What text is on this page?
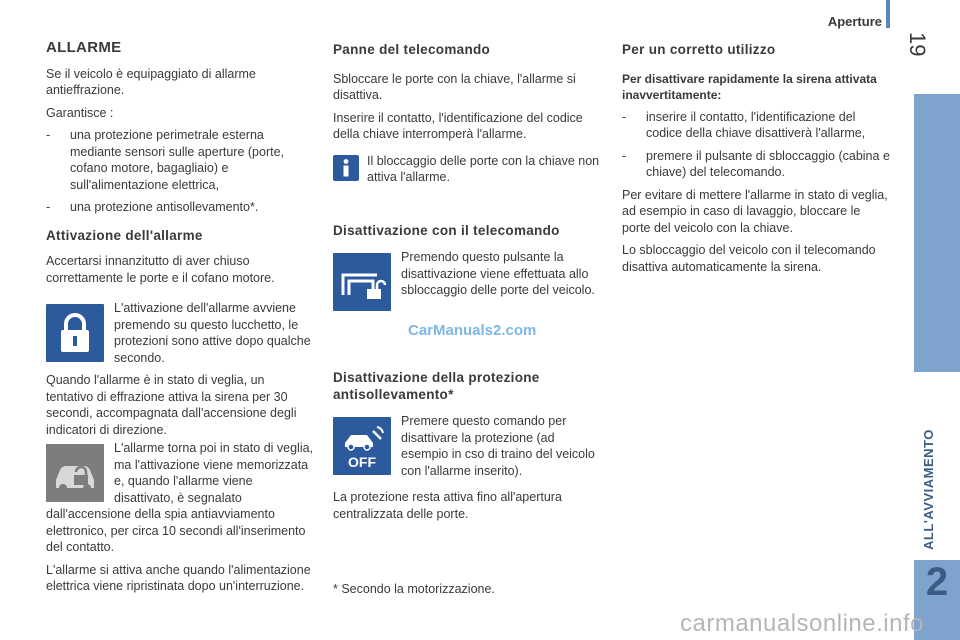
Aperture
19
ALL'AVVIAMENTO
2
ALLARME

Se il veicolo è equipaggiato di allarme antieffrazione.

Garantisce :

- una protezione perimetrale esterna mediante sensori sulle aperture (porte, cofano motore, bagagliaio) e sull'alimentazione elettrica,
- una protezione antisollevamento*.
Attivazione dell'allarme

Accertarsi innanzitutto di aver chiuso correttamente le porte e il cofano motore.

L'attivazione dell'allarme avviene premendo su questo lucchetto, le protezioni sono attive dopo qualche secondo.

Quando l'allarme è in stato di veglia, un tentativo di effrazione attiva la sirena per 30 secondi, accompagnata dall'accensione degli indicatori di direzione.

L'allarme torna poi in stato di veglia, ma l'attivazione viene memorizzata e, quando l'allarme viene disattivato, è segnalato

dall'accensione della spia antiavviamento elettronico, per circa 10 secondi all'inserimento del contatto.

L'allarme si attiva anche quando l'alimentazione elettrica viene ripristinata dopo un'interruzione.

Panne del telecomando

Sbloccare le porte con la chiave, l'allarme si disattiva.

Inserire il contatto, l'identificazione del codice della chiave interromperà l'allarme.

Il bloccaggio delle porte con la chiave non attiva l'allarme.
Disattivazione con il telecomando
Premendo questo pulsante la disattivazione viene effettuata allo sbloccaggio delle porte del veicolo.
Disattivazione della protezione antisollevamento*
OFF
Premere questo comando per disattivare la protezione (ad esempio in cso di traino del veicolo con l'allarme inserito).

La protezione resta attiva fino all'apertura centralizzata delle porte.

Per un corretto utilizzo
Per disattivare rapidamente la sirena attivata inavvertitamente:
- inserire il contatto, l'identificazione del codice della chiave disattiverà l'allarme,
- premere il pulsante di sbloccaggio (cabina e chiave) del telecomando.

Per evitare di mettere l'allarme in stato di veglia, ad esempio in caso di lavaggio, bloccare le porte del veicolo con la chiave.

Lo sbloccaggio del veicolo con il telecomando disattiva automaticamente la sirena.

* Secondo la motorizzazione.
CarManuals2.com
carmanualsonline.info
